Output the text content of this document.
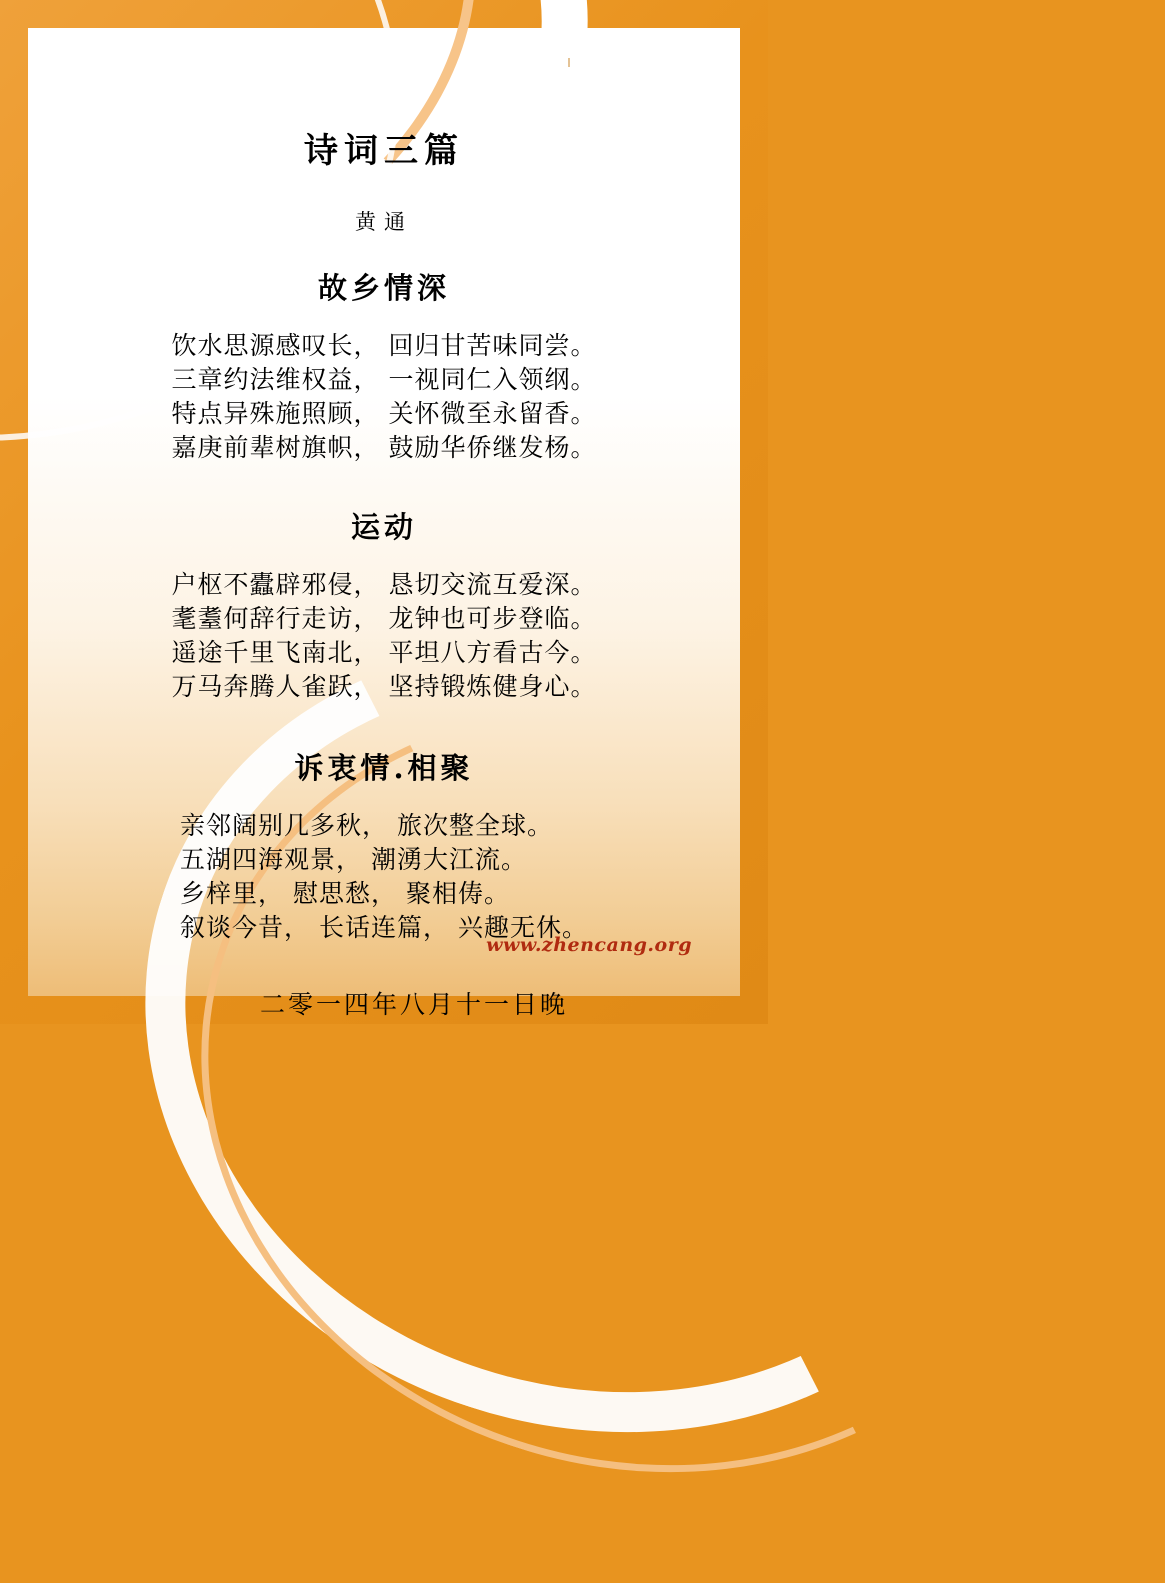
诗词三篇
黄通
故乡情深
饮水思源感叹长， 回归甘苦味同尝。
三章约法维权益， 一视同仁入领纲。
特点异殊施照顾， 关怀微至永留香。
嘉庚前辈树旗帜， 鼓励华侨继发杨。
运动
户枢不蠹辟邪侵， 恳切交流互爱深。
耄耋何辞行走访， 龙钟也可步登临。
遥途千里飞南北， 平坦八方看古今。
万马奔腾人雀跃， 坚持锻炼健身心。
诉衷情.相聚
亲邻阔别几多秋， 旅次整全球。
五湖四海观景， 潮湧大江流。
乡梓里， 慰思愁， 聚相俦。
叙谈今昔， 长话连篇， 兴趣无休。
二零一四年八月十一日晚
www.zhencang.org
